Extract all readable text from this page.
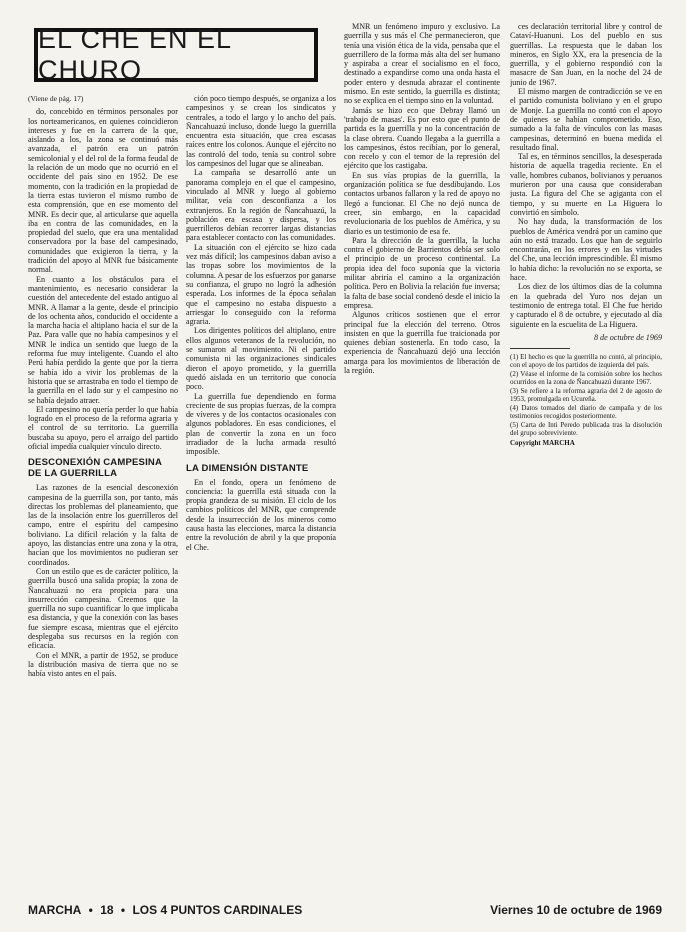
EL CHE EN EL CHURO

(Viene de pág. 17)

do, concebido en términos personales por los norteamericanos, en quienes coincidieron intereses y fue en la carrera de la que, aislando a los, la zona se continuó más avanzada, el patrón era un patrón semicolonial y el del rol de la forma feudal de la relación de un modo que no ocurrió en el occidente del país sino en 1952. De ese momento, con la tradición en la propiedad de la tierra estas tuvieron el mismo rumbo de esta comprensión, que en ese momento del MNR. Es decir que, al articularse que aquella iba en contra de las comunidades, en la propiedad del suelo, que era una mentalidad conservadora por la base del campesinado, comunidades que exigieron la tierra, y la tradición del apoyo al MNR fue básicamente normal.

En cuanto a los obstáculos para el mantenimiento, es necesario considerar la cuestión del antecedente del estado antiguo al MNR. A llamar a la gente, desde el principio de los ochenta años, conducido el occidente a la marcha hacia el altiplano hacia el sur de la Paz. Para valle que no había campesinos y el MNR le indica un sentido que luego de la reforma fue muy inteligente. Cuando el alto Perú había perdido la gente que por la tierra se había ido a vivir los problemas de la historia que se arrastraba en todo el tiempo de la guerrilla en el lado sur y el campesino no se había dejado atraer.

El campesino no quería perder lo que había logrado en el proceso de la reforma agraria y el control de su territorio. La guerrilla buscaba su apoyo, pero el arraigo del partido oficial impedía cualquier vínculo directo.

DESCONEXIÓN CAMPESINA DE LA GUERRILLA

Las razones de la esencial desconexión campesina de la guerrilla son, por tanto, más directas los problemas del planeamiento, que las de la insolación entre los guerrilleros del campo, entre el espíritu del campesino boliviano. La difícil relación y la falta de apoyo, las distancias entre una zona y la otra, hacían que los movimientos no pudieran ser coordinados.

Con un estilo que es de carácter político, la guerrilla buscó una salida propia; la zona de Ñancahuazú no era propicia para una insurrección campesina. Creemos que la guerrilla no supo cuantificar lo que implicaba esa distancia, y que la conexión con las bases fue siempre escasa, mientras que el ejército desplegaba sus recursos en la región con eficacia.

Con el MNR, a partir de 1952, se produce la distribución masiva de tierra que no se había visto antes en el país.

ción poco tiempo después, se organiza a los campesinos y se crean los sindicatos y centrales, a todo el largo y lo ancho del país. Ñancahuazú incluso, donde luego la guerrilla encuentra esta situación, que crea escasas raíces entre los colonos. Aunque el ejército no las controló del todo, tenía su control sobre los campesinos del lugar que se alineaban.

La campaña se desarrolló ante un panorama complejo en el que el campesino, vinculado al MNR y luego al gobierno militar, veía con desconfianza a los extranjeros. En la región de Ñancahuazú, la población era escasa y dispersa, y los guerrilleros debían recorrer largas distancias para establecer contacto con las comunidades.

La situación con el ejército se hizo cada vez más difícil; los campesinos daban aviso a las tropas sobre los movimientos de la columna. A pesar de los esfuerzos por ganarse su confianza, el grupo no logró la adhesión esperada. Los informes de la época señalan que el campesino no estaba dispuesto a arriesgar lo conseguido con la reforma agraria.

Los dirigentes políticos del altiplano, entre ellos algunos veteranos de la revolución, no se sumaron al movimiento. Ni el partido comunista ni las organizaciones sindicales dieron el apoyo prometido, y la guerrilla quedó aislada en un territorio que conocía poco.

La guerrilla fue dependiendo en forma creciente de sus propias fuerzas, de la compra de víveres y de los contactos ocasionales con algunos pobladores. En esas condiciones, el plan de convertir la zona en un foco irradiador de la lucha armada resultó imposible.

LA DIMENSIÓN DISTANTE

En el fondo, opera un fenómeno de conciencia: la guerrilla está situada con la propia grandeza de su misión. El ciclo de los cambios políticos del MNR, que comprende desde la insurrección de los mineros como causa hasta las elecciones, marca la distancia entre la revolución de abril y la que proponía el Che.

MNR un fenómeno impuro y exclusivo. La guerrilla y sus más el Che permanecieron, que tenía una visión ética de la vida, pensaba que el guerrillero de la forma más alta del ser humano y aspiraba a crear el socialismo en el foco, destinado a expandirse como una onda hasta el poder entero y desnuda abrazar el continente mismo. En este sentido, la guerrilla es distinta; no se explica en el tiempo sino en la voluntad.

Jamás se hizo eco que Debray llamó un 'trabajo de masas'. Es por esto que el punto de partida es la guerrilla y no la concentración de la clase obrera. Cuando llegaba a la guerrilla a los campesinos, éstos recibían, por lo general, con recelo y con el temor de la represión del ejército que los castigaba.

En sus vías propias de la guerrilla, la organización política se fue desdibujando. Los contactos urbanos fallaron y la red de apoyo no llegó a funcionar. El Che no dejó nunca de creer, sin embargo, en la capacidad revolucionaria de los pueblos de América, y su diario es un testimonio de esa fe.

Para la dirección de la guerrilla, la lucha contra el gobierno de Barrientos debía ser solo el principio de un proceso continental. La propia idea del foco suponía que la victoria militar abriría el camino a la organización política. Pero en Bolivia la relación fue inversa; la falta de base social condenó desde el inicio la empresa.

Algunos críticos sostienen que el error principal fue la elección del terreno. Otros insisten en que la guerrilla fue traicionada por quienes debían sostenerla. En todo caso, la experiencia de Ñancahuazú dejó una lección amarga para los movimientos de liberación de la región.

ces declaración territorial libre y control de Cataví-Huanuni. Los del pueblo en sus guerrillas. La respuesta que le daban los mineros, en Siglo XX, era la presencia de la guerrilla, y el gobierno respondió con la masacre de San Juan, en la noche del 24 de junio de 1967.

El mismo margen de contradicción se ve en el partido comunista boliviano y en el grupo de Monje. La guerrilla no contó con el apoyo de quienes se habían comprometido. Eso, sumado a la falta de vínculos con las masas campesinas, determinó en buena medida el resultado final.

Tal es, en términos sencillos, la desesperada historia de aquella tragedia reciente. En el valle, hombres cubanos, bolivianos y peruanos murieron por una causa que consideraban justa. La figura del Che se agiganta con el tiempo, y su muerte en La Higuera lo convirtió en símbolo.

No hay duda, la transformación de los pueblos de América vendrá por un camino que aún no está trazado. Los que han de seguirlo encontrarán, en los errores y en las virtudes del Che, una lección imprescindible. Él mismo lo había dicho: la revolución no se exporta, se hace.

Los diez de los últimos días de la columna en la quebrada del Yuro nos dejan un testimonio de entrega total. El Che fue herido y capturado el 8 de octubre, y ejecutado al día siguiente en la escuelita de La Higuera.

8 de octubre de 1969

(1) El hecho es que la guerrilla no contó, al principio, con el apoyo de los partidos de izquierda del país.

(2) Véase el informe de la comisión sobre los hechos ocurridos en la zona de Ñancahuazú durante 1967.

(3) Se refiere a la reforma agraria del 2 de agosto de 1953, promulgada en Ucureña.

(4) Datos tomados del diario de campaña y de los testimonios recogidos posteriormente.

(5) Carta de Inti Peredo publicada tras la disolución del grupo sobreviviente.

Copyright MARCHA

MARCHA • 18 • LOS 4 PUNTOS CARDINALES	Viernes 10 de octubre de 1969
